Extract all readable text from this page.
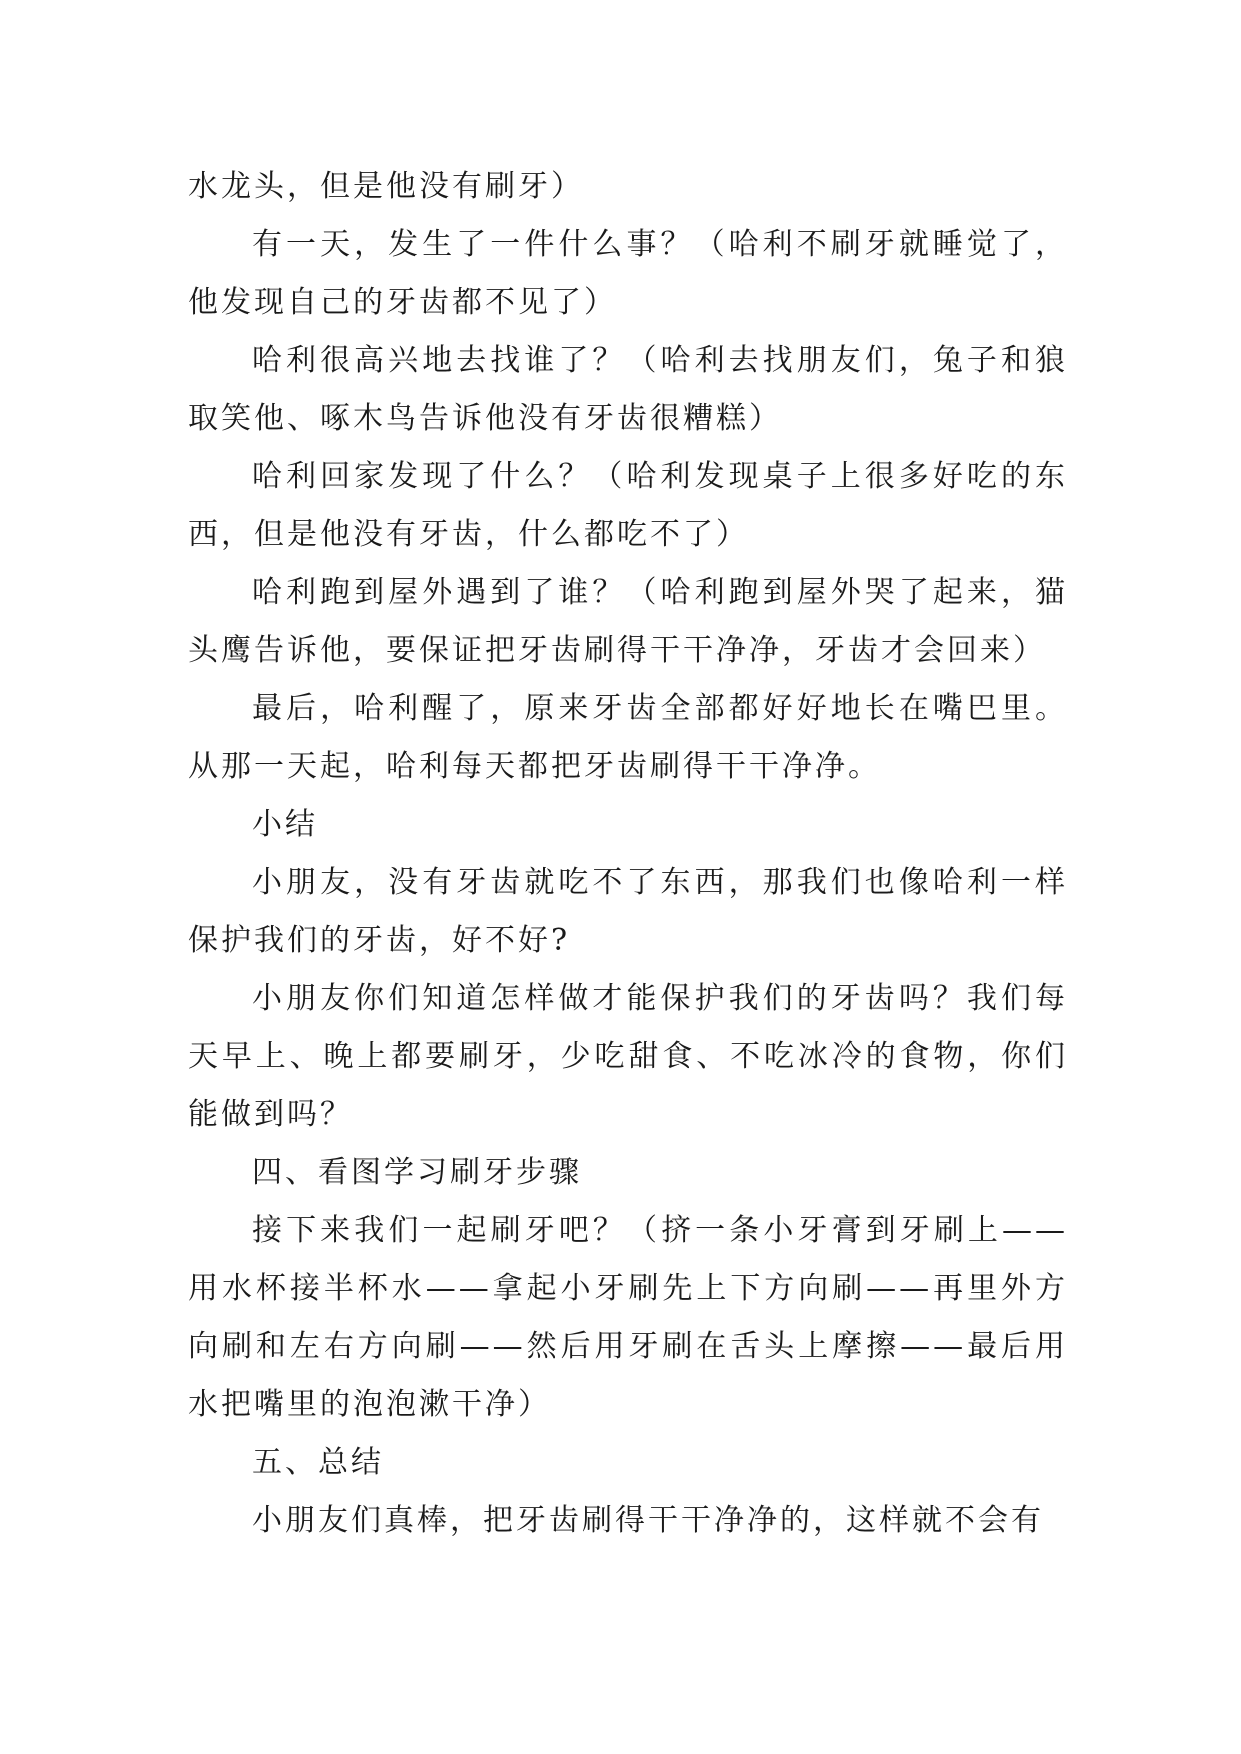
水龙头，但是他没有刷牙）

有一天，发生了一件什么事？（哈利不刷牙就睡觉了，他发现自己的牙齿都不见了）

哈利很高兴地去找谁了？（哈利去找朋友们，兔子和狼取笑他、啄木鸟告诉他没有牙齿很糟糕）

哈利回家发现了什么？（哈利发现桌子上很多好吃的东西，但是他没有牙齿，什么都吃不了）

哈利跑到屋外遇到了谁？（哈利跑到屋外哭了起来，猫头鹰告诉他，要保证把牙齿刷得干干净净，牙齿才会回来）

最后，哈利醒了，原来牙齿全部都好好地长在嘴巴里。从那一天起，哈利每天都把牙齿刷得干干净净。

小结

小朋友，没有牙齿就吃不了东西，那我们也像哈利一样保护我们的牙齿，好不好?

小朋友你们知道怎样做才能保护我们的牙齿吗？我们每天早上、晚上都要刷牙，少吃甜食、不吃冰冷的食物，你们能做到吗？

四、看图学习刷牙步骤

接下来我们一起刷牙吧？（挤一条小牙膏到牙刷上——用水杯接半杯水——拿起小牙刷先上下方向刷——再里外方向刷和左右方向刷——然后用牙刷在舌头上摩擦——最后用水把嘴里的泡泡漱干净）

五、总结

小朋友们真棒，把牙齿刷得干干净净的，这样就不会有
